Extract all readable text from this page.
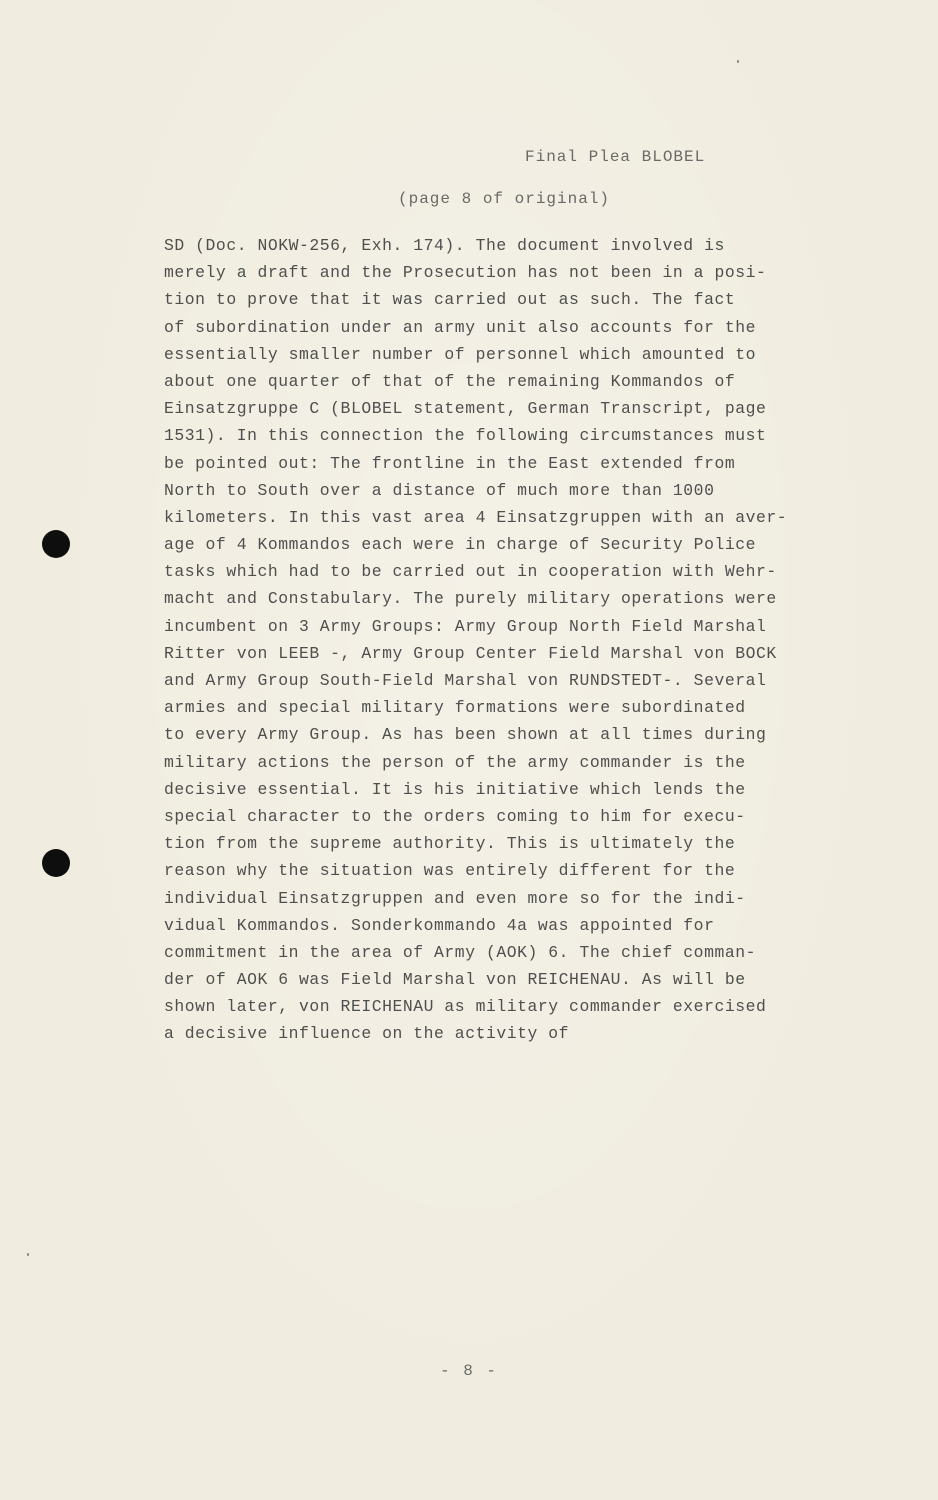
Final Plea BLOBEL
(page 8 of original)
SD (Doc. NOKW-256, Exh. 174). The document involved is
merely a draft and the Prosecution has not been in a posi-
tion to prove that it was carried out as such. The fact
of subordination under an army unit also accounts for the
essentially smaller number of personnel which amounted to
about one quarter of that of the remaining Kommandos of
Einsatzgruppe C (BLOBEL statement, German Transcript, page
1531). In this connection the following circumstances must
be pointed out: The frontline in the East extended from
North to South over a distance of much more than 1000
kilometers. In this vast area 4 Einsatzgruppen with an aver-
age of 4 Kommandos each were in charge of Security Police
tasks which had to be carried out in cooperation with Wehr-
macht and Constabulary. The purely military operations were
incumbent on 3 Army Groups: Army Group North Field Marshal
Ritter von LEEB -, Army Group Center Field Marshal von BOCK
and Army Group South-Field Marshal von RUNDSTEDT-. Several
armies and special military formations were subordinated
to every Army Group. As has been shown at all times during
military actions the person of the army commander is the
decisive essential. It is his initiative which lends the
special character to the orders coming to him for execu-
tion from the supreme authority. This is ultimately the
reason why the situation was entirely different for the
individual Einsatzgruppen and even more so for the indi-
vidual Kommandos. Sonderkommando 4a was appointed for
commitment in the area of Army (AOK) 6. The chief comman-
der of AOK 6 was Field Marshal von REICHENAU. As will be
shown later, von REICHENAU as military commander exercised
a decisive influence on the activity of
- 8 -
